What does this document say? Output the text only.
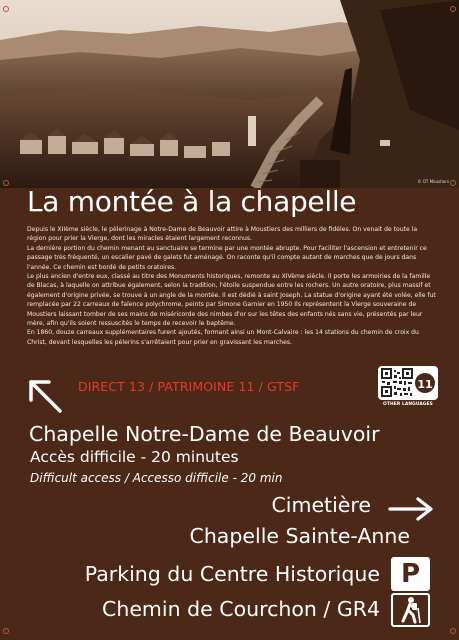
© OT Moustiers
La montée à la chapelle

Depuis le XIIème siècle, le pèlerinage à Notre-Dame de Beauvoir attire à Moustiers des milliers de fidèles. On venait de toute la région pour prier la Vierge, dont les miracles étaient largement reconnus.

La dernière portion du chemin menant au sanctuaire se termine par une montée abrupte. Pour faciliter l'ascension et entretenir ce passage très fréquenté, un escalier pavé de galets fut aménagé. On raconte qu'il compte autant de marches que de jours dans l'année. Ce chemin est bordé de petits oratoires.

Le plus ancien d'entre eux, classé au titre des Monuments historiques, remonte au XIVème siècle. Il porte les armoiries de la famille de Blacas, à laquelle on attribue également, selon la tradition, l'étoile suspendue entre les rochers. Un autre oratoire, plus massif et également d'origine privée, se trouve à un angle de la montée. Il est dédié à saint Joseph. La statue d'origine ayant été volée, elle fut remplacée par 22 carreaux de faïence polychrome, peints par Simone Garnier en 1950 Ils représentent la Vierge souveraine de Moustiers laissant tomber de ses mains de miséricorde des nimbes d'or sur les têtes des enfants nés sans vie, présentés par leur mère, afin qu'ils soient ressuscités le temps de recevoir le baptême.

En 1860, douze carreaux supplémentaires furent ajoutés, formant ainsi un Mont-Calvaire : les 14 stations du chemin de croix du Christ, devant lesquelles les pèlerins s'arrêtaient pour prier en gravissant les marches.

DIRECT 13 / PATRIMOINE 11 / GTSF	11
OTHER LANGUAGES
Chapelle Notre-Dame de Beauvoir
Accès difficile - 20 minutes
Difficult access / Accesso difficile - 20 min
Cimetière
Chapelle Sainte-Anne
Parking du Centre Historique P
Chemin de Courchon / GR4
